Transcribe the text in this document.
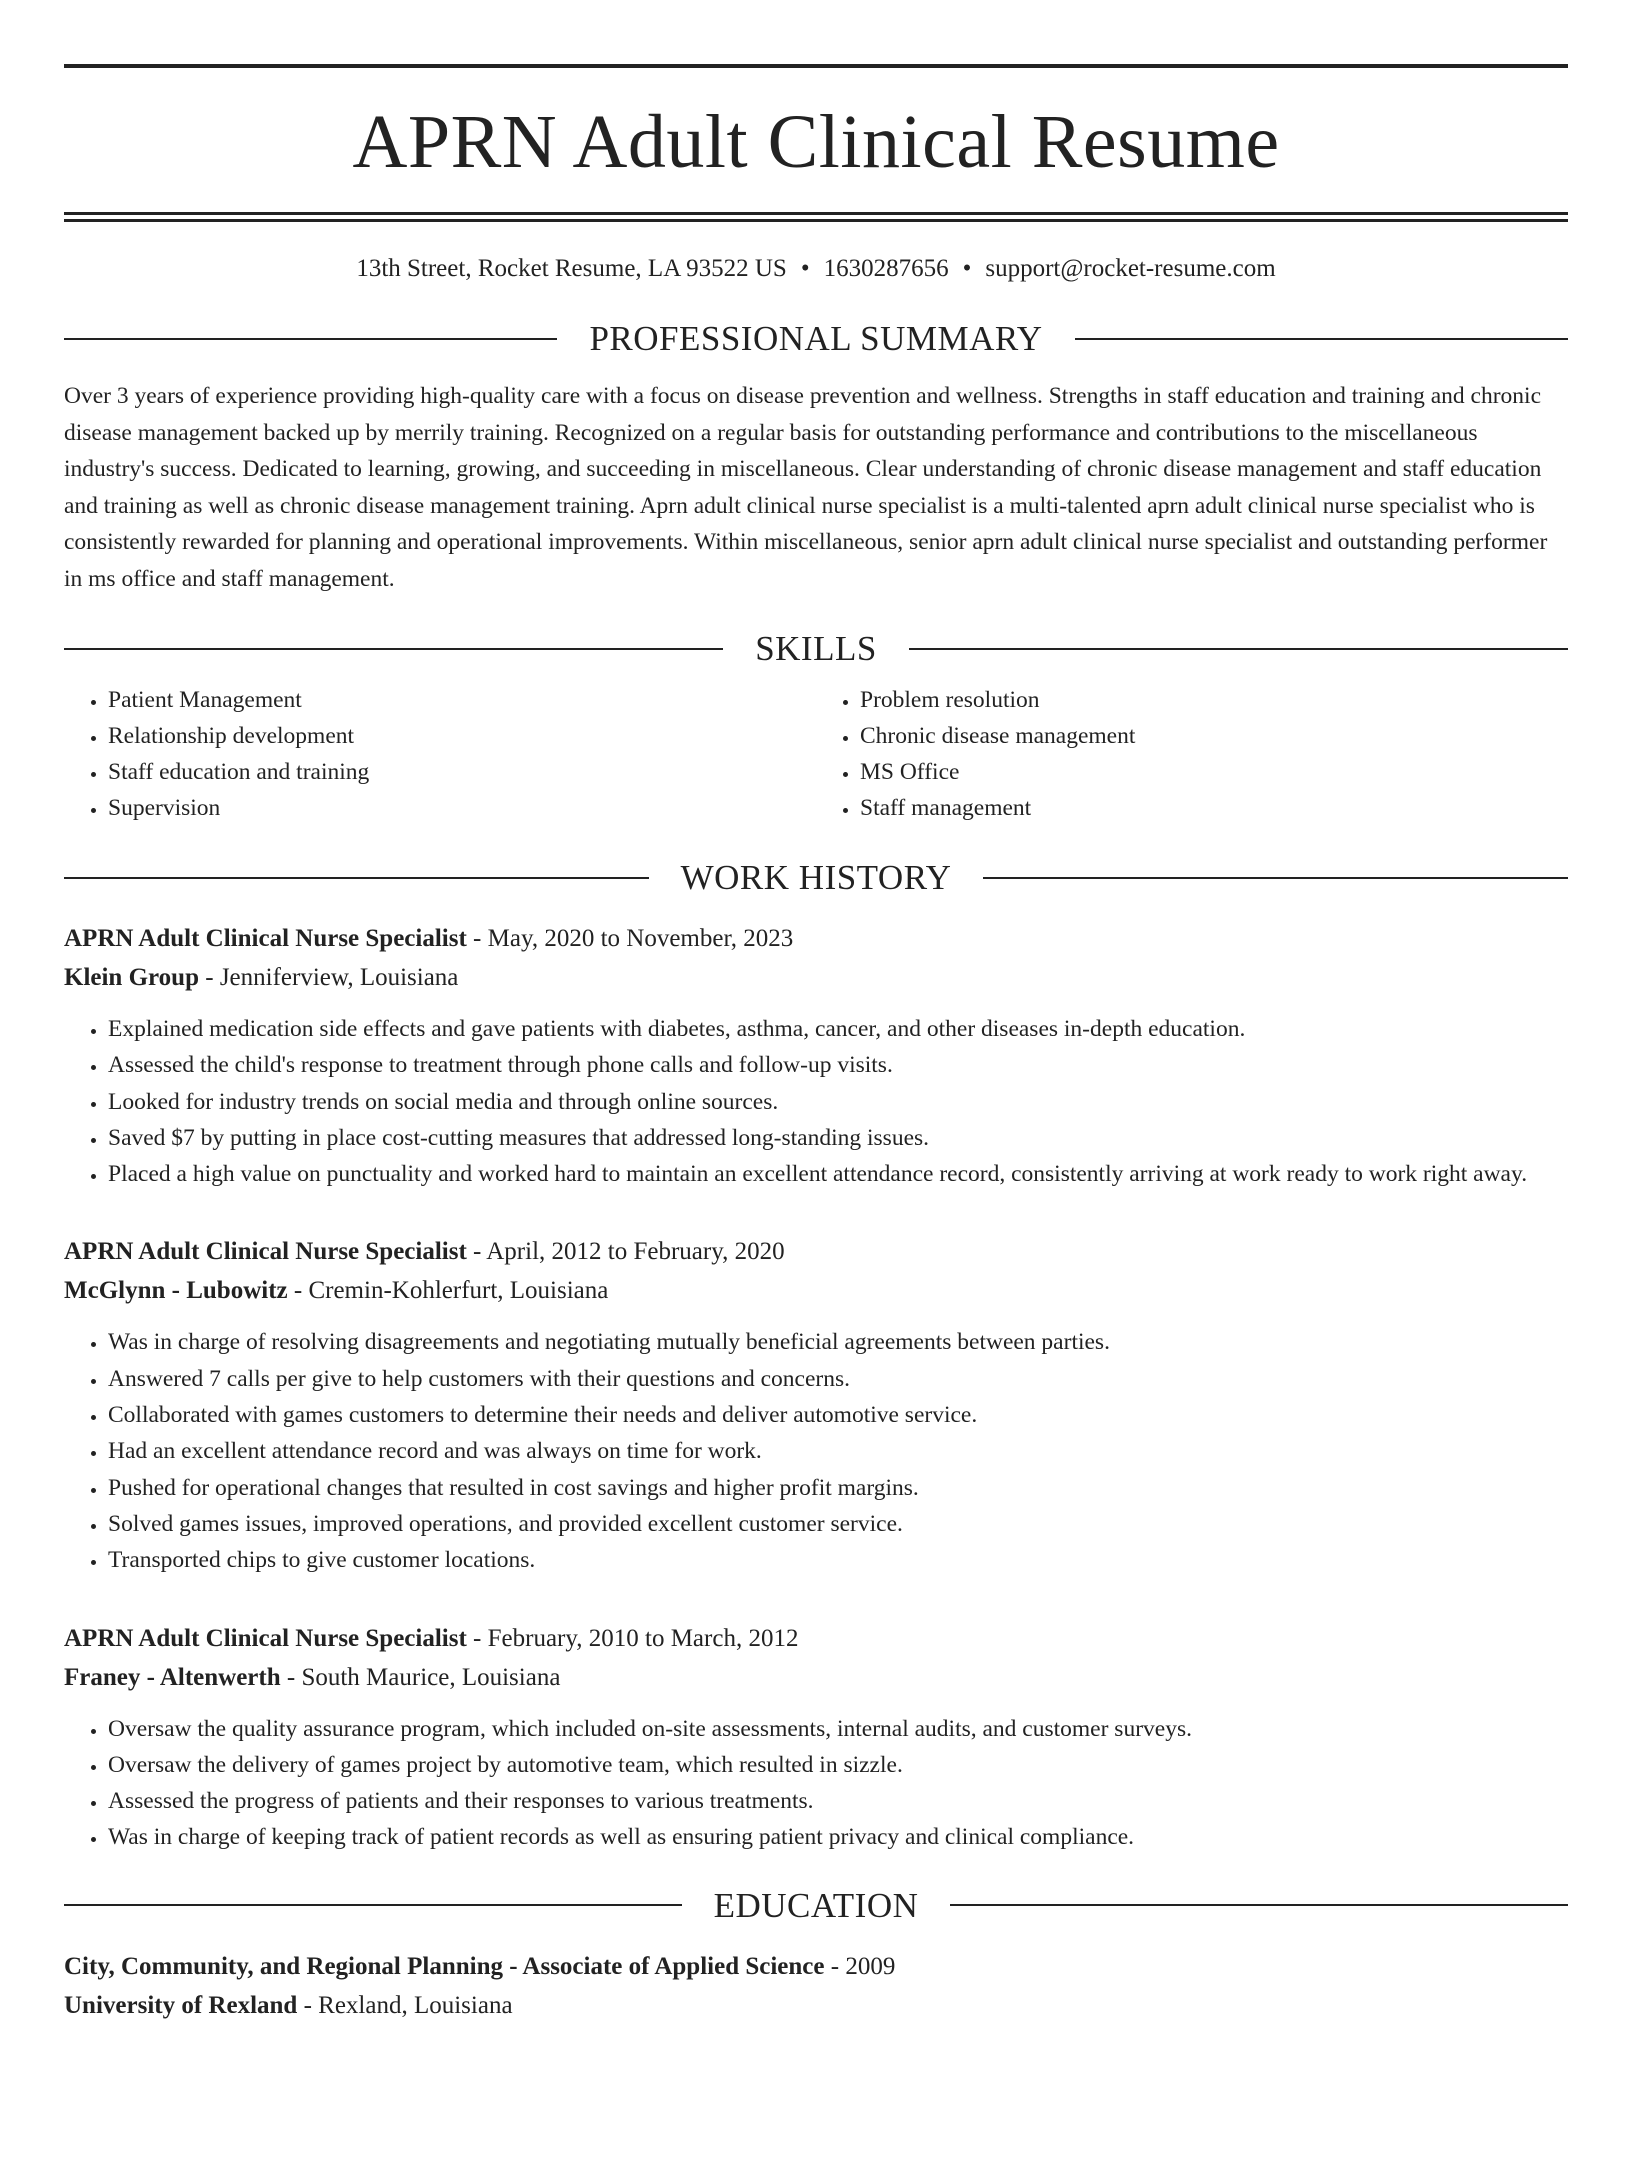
APRN Adult Clinical Resume
13th Street, Rocket Resume, LA 93522 US • 1630287656 • support@rocket-resume.com
PROFESSIONAL SUMMARY
Over 3 years of experience providing high-quality care with a focus on disease prevention and wellness. Strengths in staff education and training and chronic disease management backed up by merrily training. Recognized on a regular basis for outstanding performance and contributions to the miscellaneous industry's success. Dedicated to learning, growing, and succeeding in miscellaneous. Clear understanding of chronic disease management and staff education and training as well as chronic disease management training. Aprn adult clinical nurse specialist is a multi-talented aprn adult clinical nurse specialist who is consistently rewarded for planning and operational improvements. Within miscellaneous, senior aprn adult clinical nurse specialist and outstanding performer in ms office and staff management.
SKILLS
• Patient Management
• Relationship development
• Staff education and training
• Supervision
• Problem resolution
• Chronic disease management
• MS Office
• Staff management
WORK HISTORY
APRN Adult Clinical Nurse Specialist - May, 2020 to November, 2023
Klein Group - Jenniferview, Louisiana
• Explained medication side effects and gave patients with diabetes, asthma, cancer, and other diseases in-depth education.
• Assessed the child's response to treatment through phone calls and follow-up visits.
• Looked for industry trends on social media and through online sources.
• Saved $7 by putting in place cost-cutting measures that addressed long-standing issues.
• Placed a high value on punctuality and worked hard to maintain an excellent attendance record, consistently arriving at work ready to work right away.
APRN Adult Clinical Nurse Specialist - April, 2012 to February, 2020
McGlynn - Lubowitz - Cremin-Kohlerfurt, Louisiana
• Was in charge of resolving disagreements and negotiating mutually beneficial agreements between parties.
• Answered 7 calls per give to help customers with their questions and concerns.
• Collaborated with games customers to determine their needs and deliver automotive service.
• Had an excellent attendance record and was always on time for work.
• Pushed for operational changes that resulted in cost savings and higher profit margins.
• Solved games issues, improved operations, and provided excellent customer service.
• Transported chips to give customer locations.
APRN Adult Clinical Nurse Specialist - February, 2010 to March, 2012
Franey - Altenwerth - South Maurice, Louisiana
• Oversaw the quality assurance program, which included on-site assessments, internal audits, and customer surveys.
• Oversaw the delivery of games project by automotive team, which resulted in sizzle.
• Assessed the progress of patients and their responses to various treatments.
• Was in charge of keeping track of patient records as well as ensuring patient privacy and clinical compliance.
EDUCATION
City, Community, and Regional Planning - Associate of Applied Science - 2009
University of Rexland - Rexland, Louisiana
